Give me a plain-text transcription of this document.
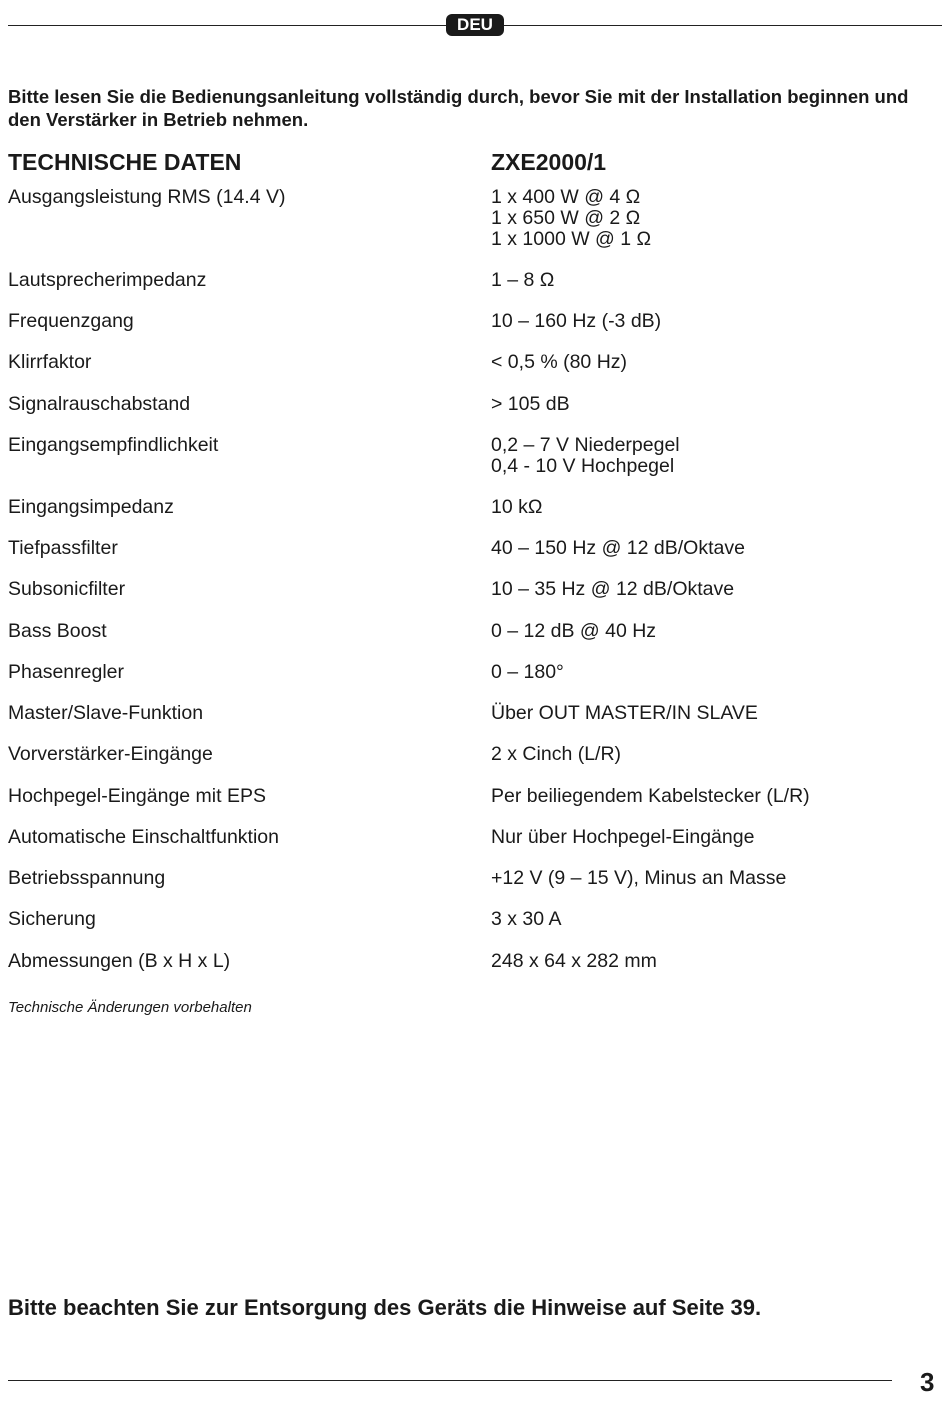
DEU

Bitte lesen Sie die Bedienungsanleitung vollständig durch, bevor Sie mit der Installation beginnen und den Verstärker in Betrieb nehmen.

TECHNISCHE DATEN	ZXE2000/1
Ausgangsleistung RMS (14.4 V)	1 x 400 W @ 4 Ω
1 x 650 W @ 2 Ω
1 x 1000 W @ 1 Ω
Lautsprecherimpedanz	1 – 8 Ω
Frequenzgang	10 – 160 Hz (-3 dB)
Klirrfaktor	< 0,5 % (80 Hz)
Signalrauschabstand	> 105 dB
Eingangsempfindlichkeit	0,2 – 7 V Niederpegel
0,4 - 10 V Hochpegel
Eingangsimpedanz	10 kΩ
Tiefpassfilter	40 – 150 Hz @ 12 dB/Oktave
Subsonicfilter	10 – 35 Hz @ 12 dB/Oktave
Bass Boost	0 – 12 dB @ 40 Hz
Phasenregler	0 – 180°
Master/Slave-Funktion	Über OUT MASTER/IN SLAVE
Vorverstärker-Eingänge	2 x Cinch (L/R)
Hochpegel-Eingänge mit EPS	Per beiliegendem Kabelstecker (L/R)
Automatische Einschaltfunktion	Nur über Hochpegel-Eingänge
Betriebsspannung	+12 V (9 – 15 V), Minus an Masse
Sicherung	3 x 30 A
Abmessungen (B x H x L)	248 x 64 x 282 mm

Technische Änderungen vorbehalten

Bitte beachten Sie zur Entsorgung des Geräts die Hinweise auf Seite 39.

3
